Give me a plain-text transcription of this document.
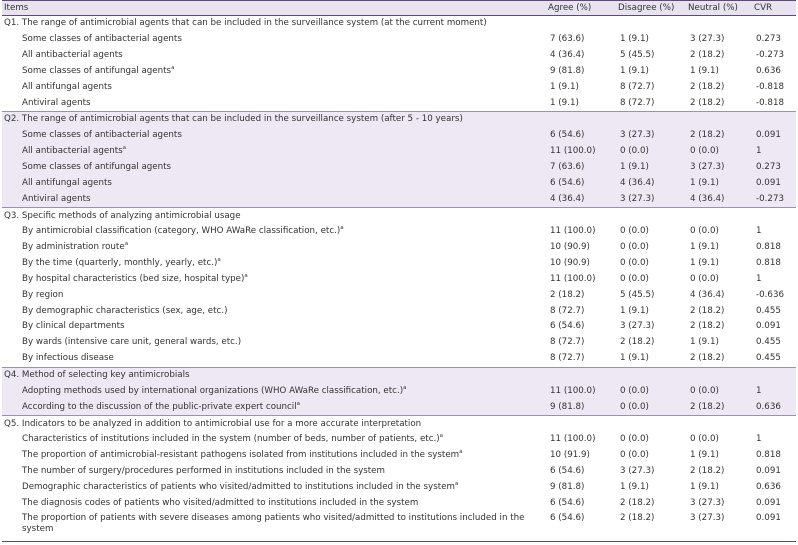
Items	Agree (%)	Disagree (%)	Neutral (%)	CVR
Q1. The range of antimicrobial agents that can be included in the surveillance system (at the current moment)				
Some classes of antibacterial agents	7 (63.6)	1 (9.1)	3 (27.3)	0.273
All antibacterial agents	4 (36.4)	5 (45.5)	2 (18.2)	-0.273
Some classes of antifungal agents$^a$	9 (81.8)	1 (9.1)	1 (9.1)	0.636
All antifungal agents	1 (9.1)	8 (72.7)	2 (18.2)	-0.818
Antiviral agents	1 (9.1)	8 (72.7)	2 (18.2)	-0.818
Q2. The range of antimicrobial agents that can be included in the surveillance system (after 5 - 10 years)				
Some classes of antibacterial agents	6 (54.6)	3 (27.3)	2 (18.2)	0.091
All antibacterial agents$^a$	11 (100.0)	0 (0.0)	0 (0.0)	1
Some classes of antifungal agents	7 (63.6)	1 (9.1)	3 (27.3)	0.273
All antifungal agents	6 (54.6)	4 (36.4)	1 (9.1)	0.091
Antiviral agents	4 (36.4)	3 (27.3)	4 (36.4)	-0.273
Q3. Specific methods of analyzing antimicrobial usage				
By antimicrobial classification (category, WHO AWaRe classification, etc.)$^a$	11 (100.0)	0 (0.0)	0 (0.0)	1
By administration route$^a$	10 (90.9)	0 (0.0)	1 (9.1)	0.818
By the time (quarterly, monthly, yearly, etc.)$^a$	10 (90.9)	0 (0.0)	1 (9.1)	0.818
By hospital characteristics (bed size, hospital type)$^a$	11 (100.0)	0 (0.0)	0 (0.0)	1
By region	2 (18.2)	5 (45.5)	4 (36.4)	-0.636
By demographic characteristics (sex, age, etc.)	8 (72.7)	1 (9.1)	2 (18.2)	0.455
By clinical departments	6 (54.6)	3 (27.3)	2 (18.2)	0.091
By wards (intensive care unit, general wards, etc.)	8 (72.7)	2 (18.2)	1 (9.1)	0.455
By infectious disease	8 (72.7)	1 (9.1)	2 (18.2)	0.455
Q4. Method of selecting key antimicrobials				
Adopting methods used by international organizations (WHO AWaRe classification, etc.)$^a$	11 (100.0)	0 (0.0)	0 (0.0)	1
According to the discussion of the public-private expert council$^a$	9 (81.8)	0 (0.0)	2 (18.2)	0.636
Q5. Indicators to be analyzed in addition to antimicrobial use for a more accurate interpretation				
Characteristics of institutions included in the system (number of beds, number of patients, etc.)$^a$	11 (100.0)	0 (0.0)	0 (0.0)	1
The proportion of antimicrobial-resistant pathogens isolated from institutions included in the system$^a$	10 (91.9)	0 (0.0)	1 (9.1)	0.818
The number of surgery/procedures performed in institutions included in the system	6 (54.6)	3 (27.3)	2 (18.2)	0.091
Demographic characteristics of patients who visited/admitted to institutions included in the system$^a$	9 (81.8)	1 (9.1)	1 (9.1)	0.636
The diagnosis codes of patients who visited/admitted to institutions included in the system	6 (54.6)	2 (18.2)	3 (27.3)	0.091
The proportion of patients with severe diseases among patients who visited/admitted to institutions included in the system	6 (54.6)	2 (18.2)	3 (27.3)	0.091
